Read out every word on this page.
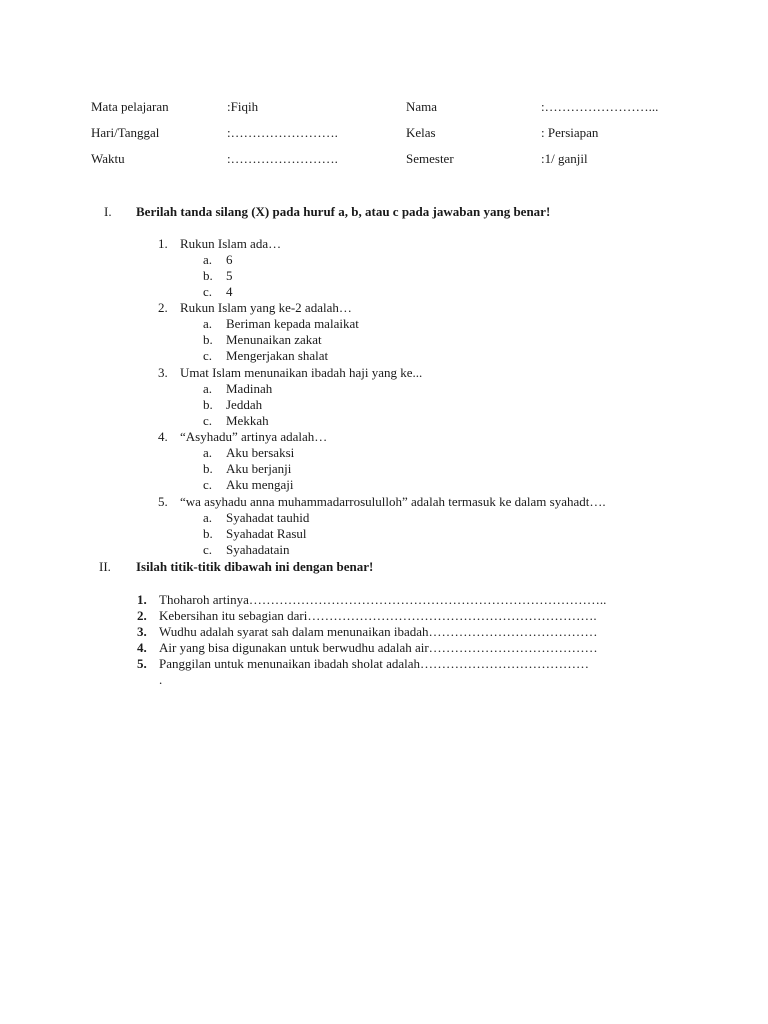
Mata pelajaran	:Fiqih	Nama	:……………………...
Hari/Tanggal	:…………………….	Kelas	: Persiapan
Waktu	:…………………….	Semester	:1/ ganjil
I. Berilah tanda silang (X) pada huruf a, b, atau c pada jawaban yang benar!
1. Rukun Islam ada…
a. 6
b. 5
c. 4
2. Rukun Islam yang ke-2 adalah…
a. Beriman kepada malaikat
b. Menunaikan zakat
c. Mengerjakan shalat
3. Umat Islam menunaikan ibadah haji yang ke...
a. Madinah
b. Jeddah
c. Mekkah
4. “Asyhadu” artinya adalah…
a. Aku bersaksi
b. Aku berjanji
c. Aku mengaji
5. “wa asyhadu anna muhammadarrosululloh” adalah termasuk ke dalam syahadt….
a. Syahadat tauhid
b. Syahadat Rasul
c. Syahadatain
II. Isilah titik-titik dibawah ini dengan benar!
1. Thoharoh artinya………………………………………………………………………..
2. Kebersihan itu sebagian dari………………………………………………………….
3. Wudhu adalah syarat sah dalam menunaikan ibadah…………………………………
4. Air yang bisa digunakan untuk berwudhu adalah air…………………………………
5. Panggilan untuk menunaikan ibadah sholat adalah…………………………………
.
